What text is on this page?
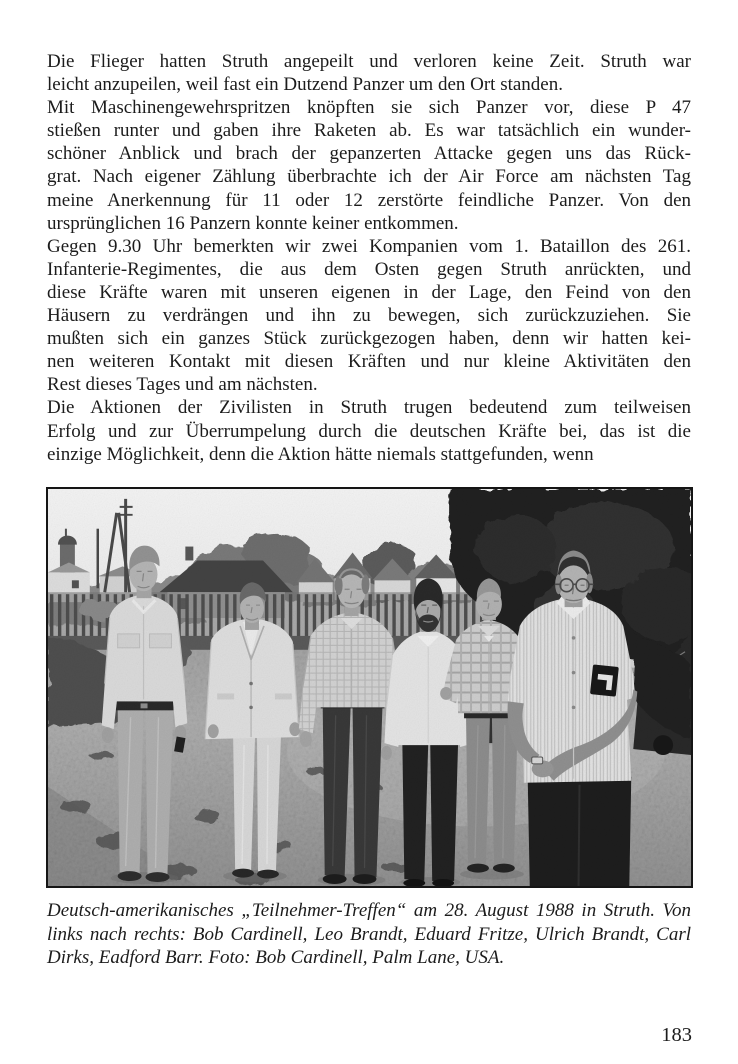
Die Flieger hatten Struth angepeilt und verloren keine Zeit. Struth war
leicht anzupeilen, weil fast ein Dutzend Panzer um den Ort standen.
Mit Maschinengewehrspritzen knöpften sie sich Panzer vor, diese P 47
stießen runter und gaben ihre Raketen ab. Es war tatsächlich ein wunder-
schöner Anblick und brach der gepanzerten Attacke gegen uns das Rück-
grat. Nach eigener Zählung überbrachte ich der Air Force am nächsten Tag
meine Anerkennung für 11 oder 12 zerstörte feindliche Panzer. Von den
ursprünglichen 16 Panzern konnte keiner entkommen.
Gegen 9.30 Uhr bemerkten wir zwei Kompanien vom 1. Bataillon des 261.
Infanterie-Regimentes, die aus dem Osten gegen Struth anrückten, und
diese Kräfte waren mit unseren eigenen in der Lage, den Feind von den
Häusern zu verdrängen und ihn zu bewegen, sich zurückzuziehen. Sie
mußten sich ein ganzes Stück zurückgezogen haben, denn wir hatten kei-
nen weiteren Kontakt mit diesen Kräften und nur kleine Aktivitäten den
Rest dieses Tages und am nächsten.
Die Aktionen der Zivilisten in Struth trugen bedeutend zum teilweisen
Erfolg und zur Überrumpelung durch die deutschen Kräfte bei, das ist die
einzige Möglichkeit, denn die Aktion hätte niemals stattgefunden, wenn
Deutsch-amerikanisches „Teilnehmer-Treffen“ am 28. August 1988 in Struth. Von
links nach rechts: Bob Cardinell, Leo Brandt, Eduard Fritze, Ulrich Brandt, Carl
Dirks, Eadford Barr. Foto: Bob Cardinell, Palm Lane, USA.
183
